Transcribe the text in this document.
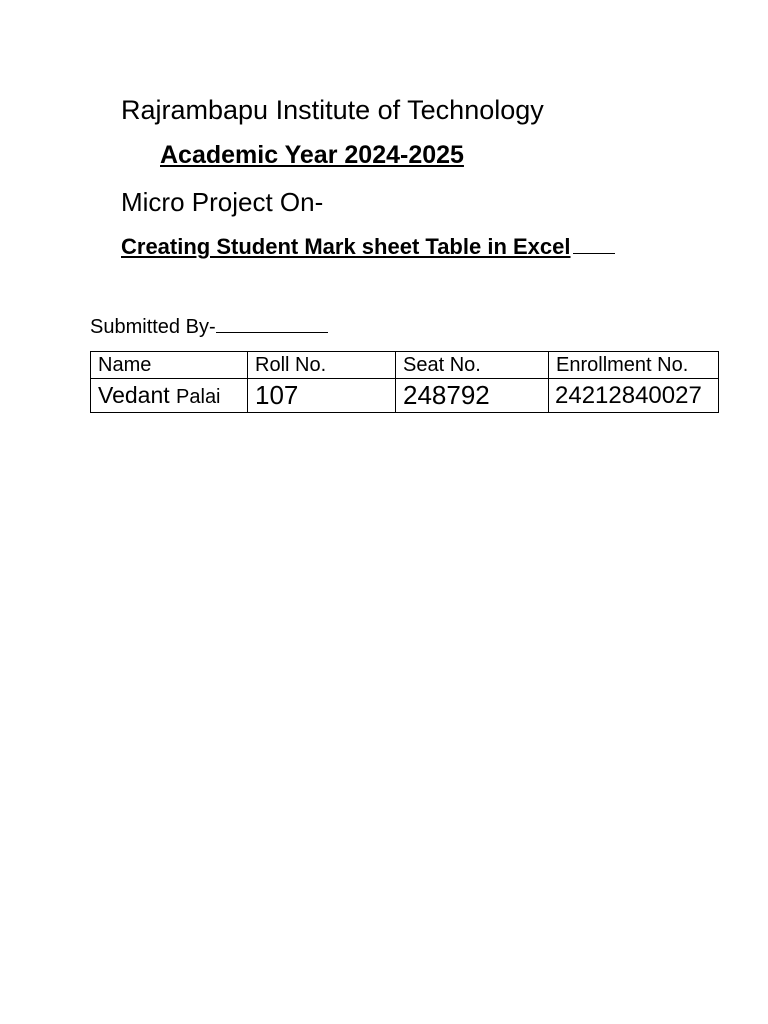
Rajrambapu Institute of Technology
Academic Year 2024-2025
Micro Project On-
Creating Student Mark sheet Table in Excel
Submitted By-
Name	Roll No.	Seat No.	Enrollment No.
Vedant Palai	107	248792	24212840027
